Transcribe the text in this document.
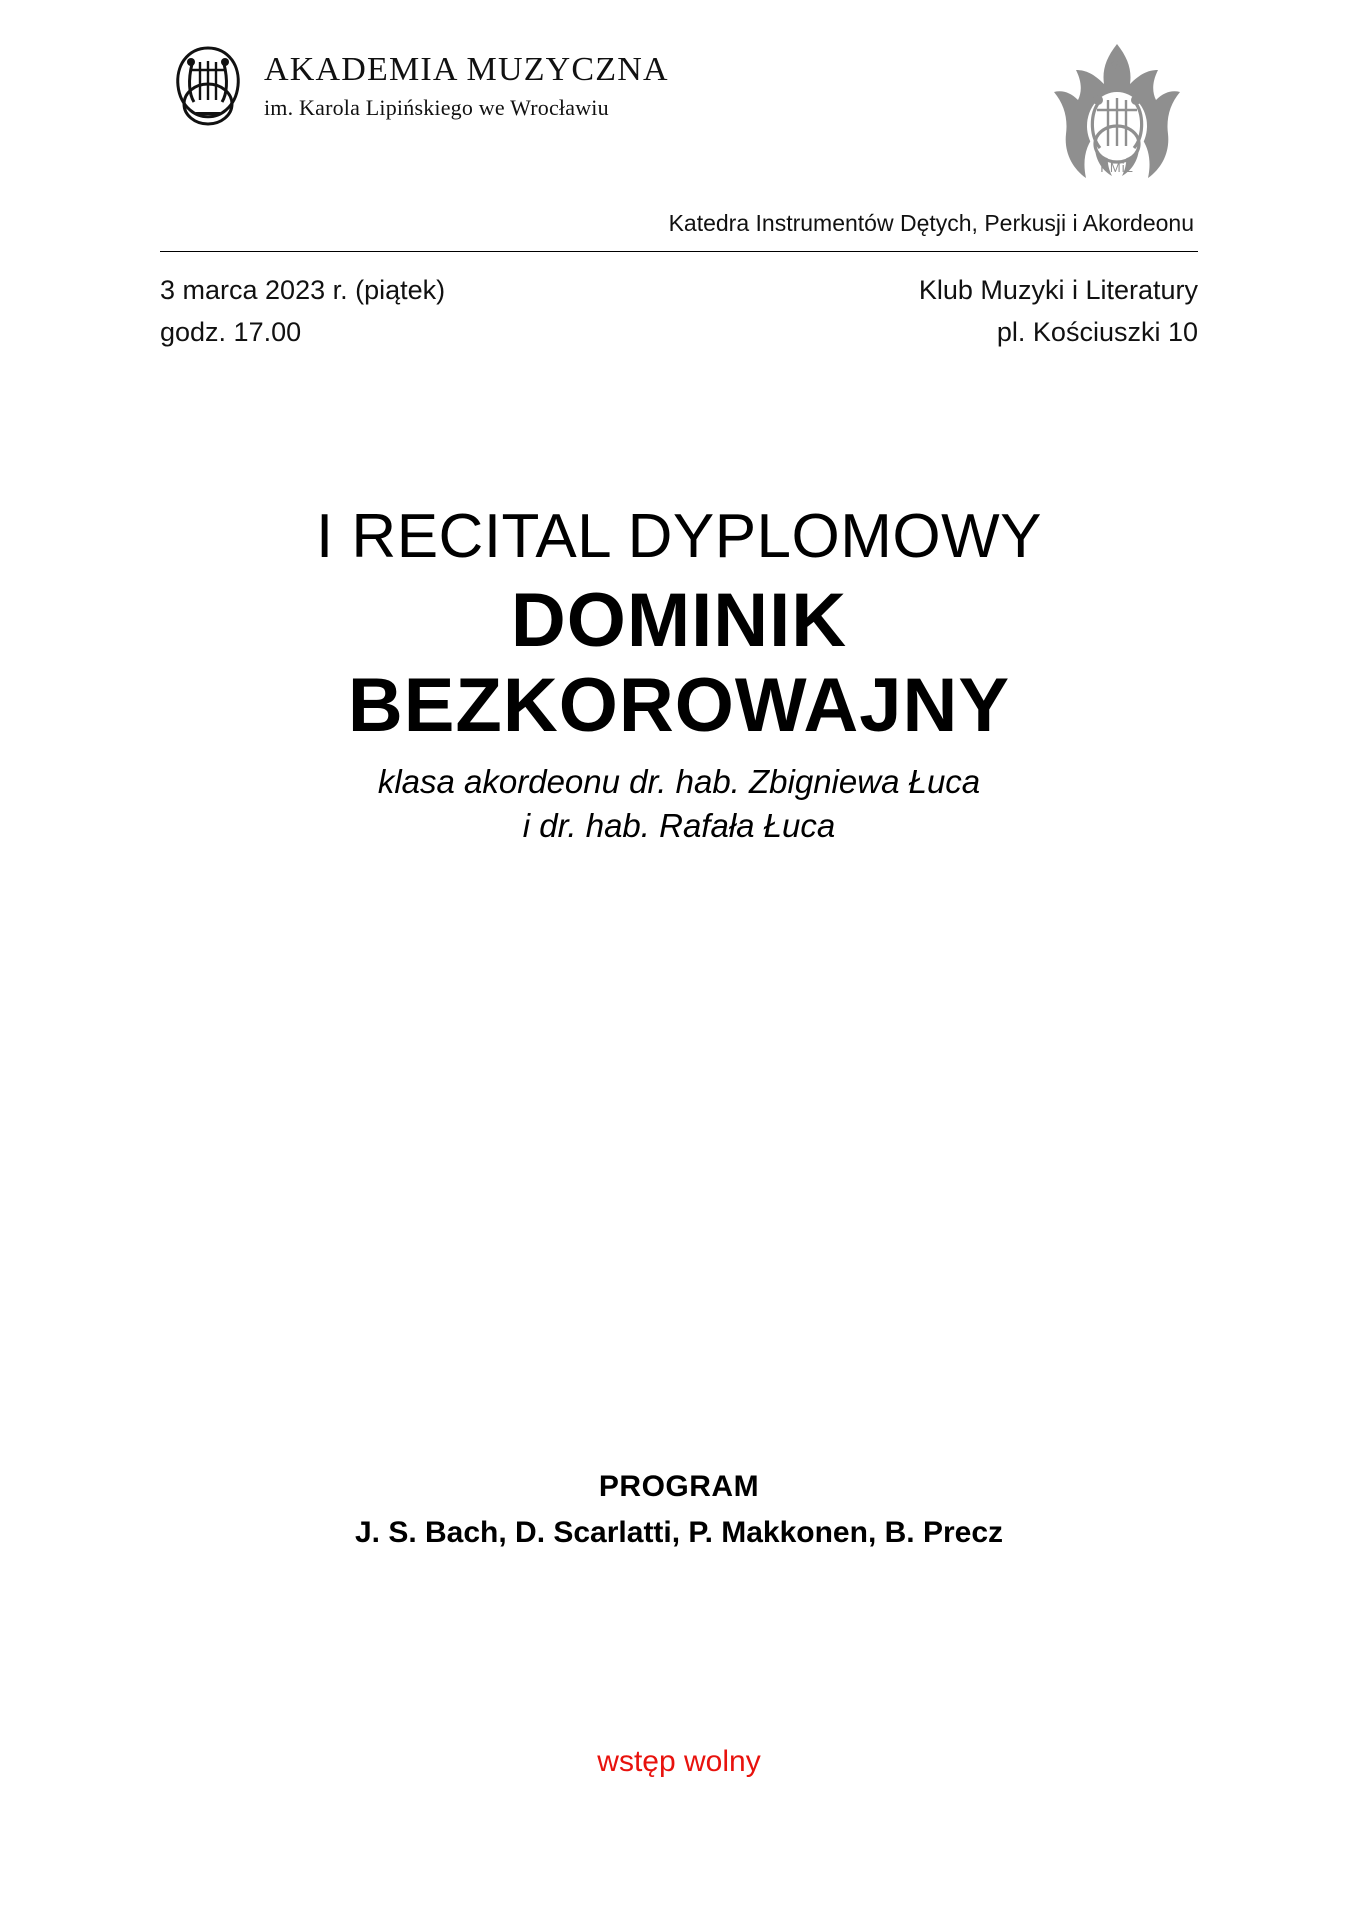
AKADEMIA MUZYCZNA
im. Karola Lipińskiego we Wrocławiu
W
KMiL
Katedra Instrumentów Dętych, Perkusji i Akordeonu
3 marca 2023 r. (piątek)
godz. 17.00
Klub Muzyki i Literatury
pl. Kościuszki 10
I RECITAL DYPLOMOWY
DOMINIK
BEZKOROWAJNY
klasa akordeonu dr. hab. Zbigniewa Łuca
i dr. hab. Rafała Łuca
PROGRAM
J. S. Bach, D. Scarlatti, P. Makkonen, B. Precz
wstęp wolny
